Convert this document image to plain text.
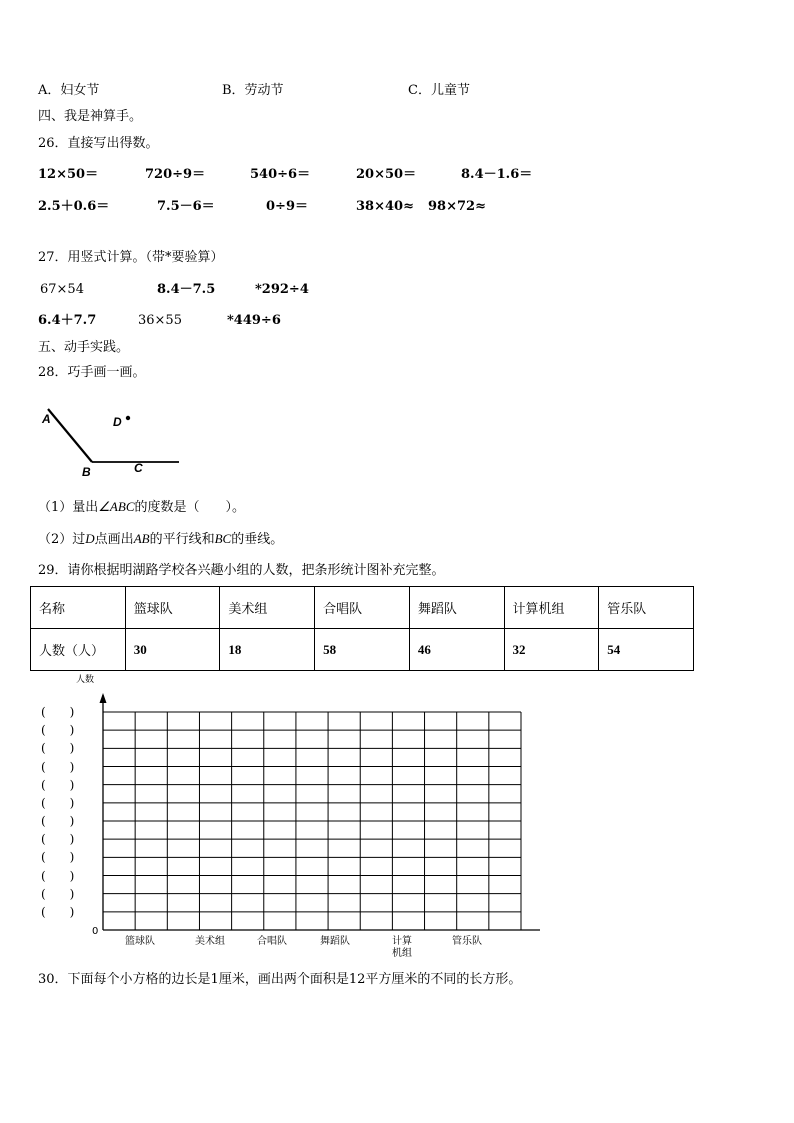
A．妇女节	B．劳动节	C．儿童节
四、我是神算手。
26．直接写出得数。
12×50＝	720÷9＝	540÷6＝	20×50＝	8.4－1.6＝
2.5＋0.6＝	7.5－6＝	0÷9＝	38×40≈ 98×72≈
27．用竖式计算。（带*要验算）
67×54	8.4－7.5	*292÷4
6.4＋7.7	36×55	*449÷6
五、动手实践。
28．巧手画一画。
A
B	C
D
（1）量出∠ABC的度数是（　　）。
（2）过D点画出AB的平行线和BC的垂线。
29．请你根据明湖路学校各兴趣小组的人数，把条形统计图补充完整。
名称	篮球队	美术组	合唱队	舞蹈队	计算机组	管乐队
人数（人）	30	18	58	46	32	54
人数
0
(　　)
(　　)
(　　)
(　　)
(　　)
(　　)
(　　)
(　　)
(　　)
(　　)
(　　)
(　　)
篮球队	美术组	合唱队	舞蹈队	计算机组
管乐队
30．下面每个小方格的边长是1厘米，画出两个面积是12平方厘米的不同的长方形。
